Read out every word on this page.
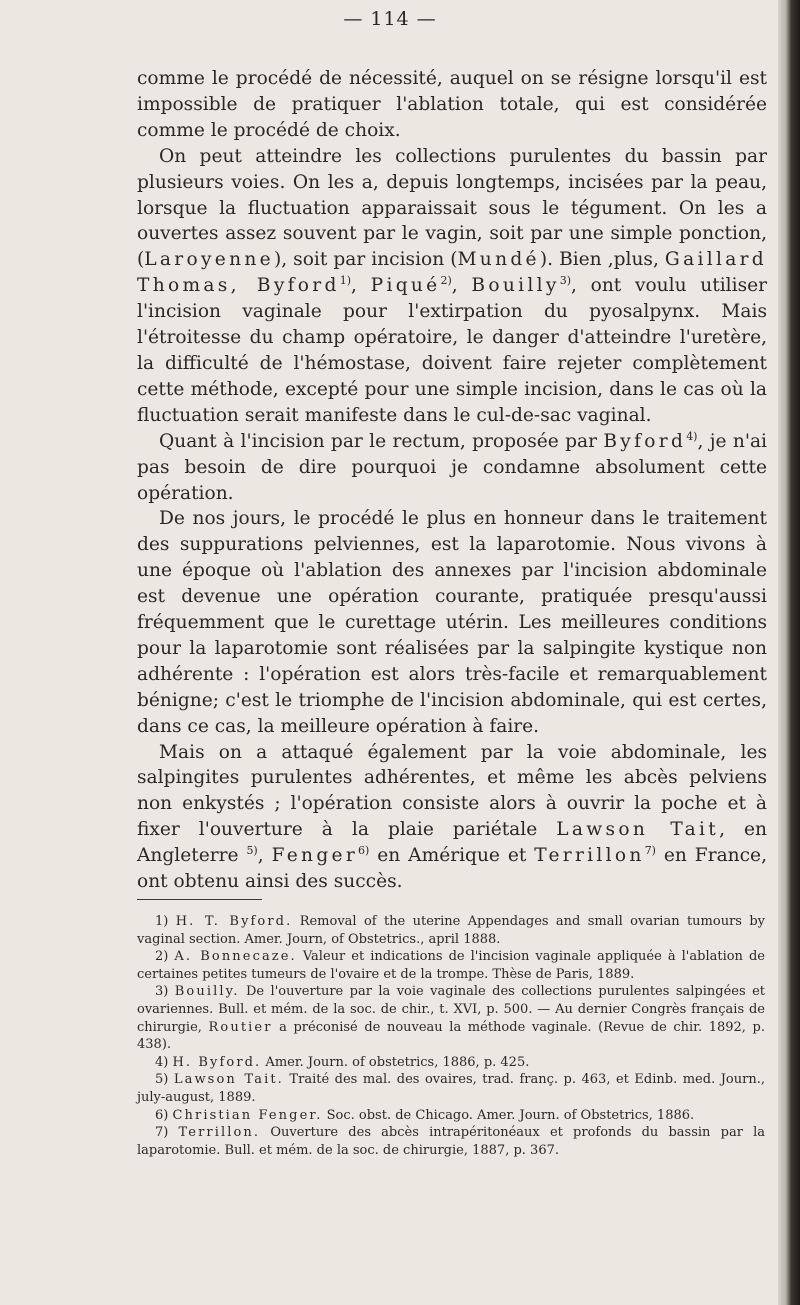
— 114 —

comme le procédé de nécessité, auquel on se résigne lorsqu'il est impossible de pratiquer l'ablation totale, qui est considérée comme le procédé de choix.

On peut atteindre les collections purulentes du bassin par plusieurs voies. On les a, depuis longtemps, incisées par la peau, lorsque la fluctuation apparaissait sous le tégument. On les a ouvertes assez souvent par le vagin, soit par une simple ponction, (Laroyenne), soit par incision (Mundé). Bien ,plus, Gaillard Thomas, Byford$^{1)}$, Piqué$^{2)}$, Bouilly$^{3)}$, ont voulu utiliser l'incision vaginale pour l'extirpation du pyosalpynx. Mais l'étroitesse du champ opératoire, le danger d'atteindre l'uretère, la difficulté de l'hémostase, doivent faire rejeter complètement cette méthode, excepté pour une simple incision, dans le cas où la fluctuation serait manifeste dans le cul-de-sac vaginal.

Quant à l'incision par le rectum, proposée par Byford$^{4)}$, je n'ai pas besoin de dire pourquoi je condamne absolument cette opération.

De nos jours, le procédé le plus en honneur dans le traitement des suppurations pelviennes, est la laparotomie. Nous vivons à une époque où l'ablation des annexes par l'incision abdominale est devenue une opération courante, pratiquée presqu'aussi fréquemment que le curettage utérin. Les meilleures conditions pour la laparotomie sont réalisées par la salpingite kystique non adhérente : l'opération est alors très-facile et remarquablement bénigne; c'est le triomphe de l'incision abdominale, qui est certes, dans ce cas, la meilleure opération à faire.

Mais on a attaqué également par la voie abdominale, les salpingites purulentes adhérentes, et même les abcès pelviens non enkystés ; l'opération consiste alors à ouvrir la poche et à fixer l'ouverture à la plaie pariétale Lawson Tait, en Angleterre $^{5)}$, Fenger$^{6)}$ en Amérique et Terrillon$^{7)}$ en France, ont obtenu ainsi des succès.

1) H. T. Byford. Removal of the uterine Appendages and small ovarian tumours by vaginal section. Amer. Journ, of Obstetrics., april 1888.

2) A. Bonnecaze. Valeur et indications de l'incision vaginale appliquée à l'ablation de certaines petites tumeurs de l'ovaire et de la trompe. Thèse de Paris, 1889.

3) Bouilly. De l'ouverture par la voie vaginale des collections purulentes salpingées et ovariennes. Bull. et mém. de la soc. de chir., t. XVI, p. 500. — Au dernier Congrès français de chirurgie, Routier a préconisé de nouveau la méthode vaginale. (Revue de chir. 1892, p. 438).

4) H. Byford. Amer. Journ. of obstetrics, 1886, p. 425.

5) Lawson Tait. Traité des mal. des ovaires, trad. franç. p. 463, et Edinb. med. Journ., july-august, 1889.

6) Christian Fenger. Soc. obst. de Chicago. Amer. Journ. of Obstetrics, 1886.

7) Terrillon. Ouverture des abcès intrapéritonéaux et profonds du bassin par la laparotomie. Bull. et mém. de la soc. de chirurgie, 1887, p. 367.
